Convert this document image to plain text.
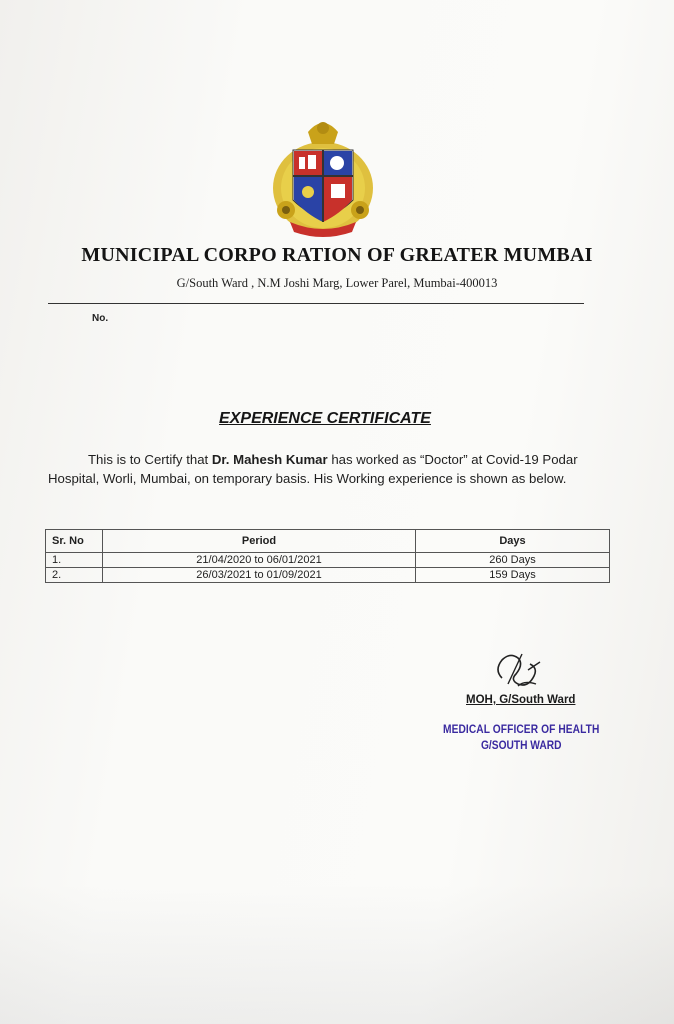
MUNICIPAL CORPO RATION OF GREATER MUMBAI
G/South Ward , N.M Joshi Marg, Lower Parel, Mumbai-400013
No.
EXPERIENCE CERTIFICATE
This is to Certify that Dr. Mahesh Kumar has worked as “Doctor” at Covid-19 Podar Hospital, Worli, Mumbai, on temporary basis. His Working experience is shown as below.
Sr. No	Period	Days
1.	21/04/2020 to 06/01/2021	260 Days
2.	26/03/2021 to 01/09/2021	159 Days
MOH, G/South Ward
MEDICAL OFFICER OF HEALTH
G/SOUTH WARD
